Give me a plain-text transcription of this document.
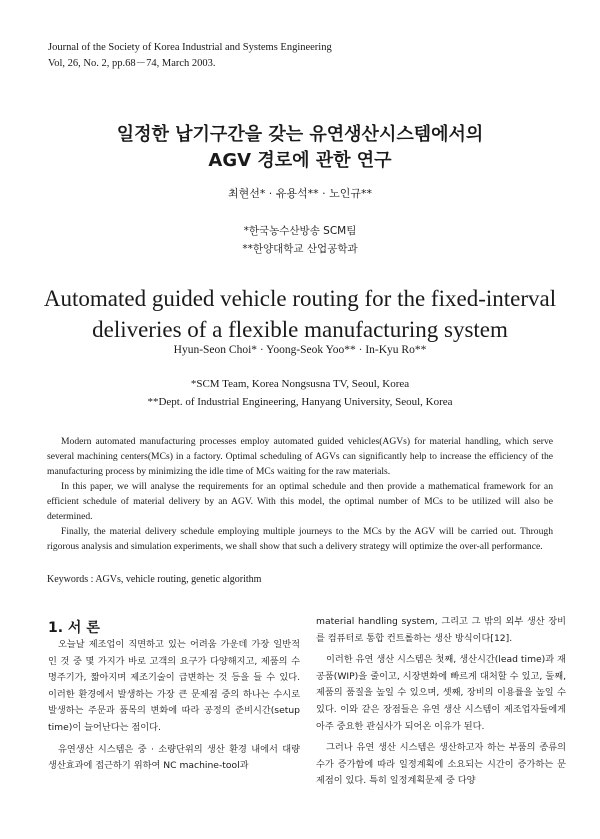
Journal of the Society of Korea Industrial and Systems Engineering
Vol, 26, No. 2, pp.68－74, March 2003.
일정한 납기구간을 갖는 유연생산시스템에서의
AGV 경로에 관한 연구
최현선* · 유용석** · 노인규**
*한국농수산방송 SCM팀
**한양대학교 산업공학과
Automated guided vehicle routing for the fixed-interval
deliveries of a flexible manufacturing system
Hyun-Seon Choi* · Yoong-Seok Yoo** · In-Kyu Ro**
*SCM Team, Korea Nongsusna TV, Seoul, Korea
**Dept. of Industrial Engineering, Hanyang University, Seoul, Korea

Modern automated manufacturing processes employ automated guided vehicles(AGVs) for material handling, which serve several machining centers(MCs) in a factory. Optimal scheduling of AGVs can significantly help to increase the efficiency of the manufacturing process by minimizing the idle time of MCs waiting for the raw materials.

In this paper, we will analyse the requirements for an optimal schedule and then provide a mathematical framework for an efficient schedule of material delivery by an AGV. With this model, the optimal number of MCs to be utilized will also be determined.

Finally, the material delivery schedule employing multiple journeys to the MCs by the AGV will be carried out. Through rigorous analysis and simulation experiments, we shall show that such a delivery strategy will optimize the over-all performance.

Keywords : AGVs, vehicle routing, genetic algorithm
1. 서 론

오늘날 제조업이 직면하고 있는 어려움 가운데 가장 일반적인 것 중 몇 가지가 바로 고객의 요구가 다양해지고, 제품의 수명주기가, 짧아지며 제조기술이 급변하는 것 등을 들 수 있다. 이러한 환경에서 발생하는 가장 큰 문제점 중의 하나는 수시로 발생하는 주문과 품목의 변화에 따라 공정의 준비시간(setup time)이 늘어난다는 점이다.

유연생산 시스템은 중 · 소량단위의 생산 환경 내에서 대량 생산효과에 접근하기 위하여 NC machine-tool과

material handling system, 그리고 그 밖의 외부 생산 장비를 컴퓨터로 통합 컨트롤하는 생산 방식이다[12].

이러한 유연 생산 시스템은 첫째, 생산시간(lead time)과 재공품(WIP)을 줄이고, 시장변화에 빠르게 대처할 수 있고, 둘째, 제품의 품질을 높일 수 있으며, 셋째, 장비의 이용률을 높일 수 있다. 이와 같은 장점들은 유연 생산 시스템이 제조업자들에게 아주 중요한 관심사가 되어온 이유가 된다.

그러나 유연 생산 시스템은 생산하고자 하는 부품의 종류의 수가 증가함에 따라 일정계획에 소요되는 시간이 증가하는 문제점이 있다. 특히 일정계획문제 중 다양
